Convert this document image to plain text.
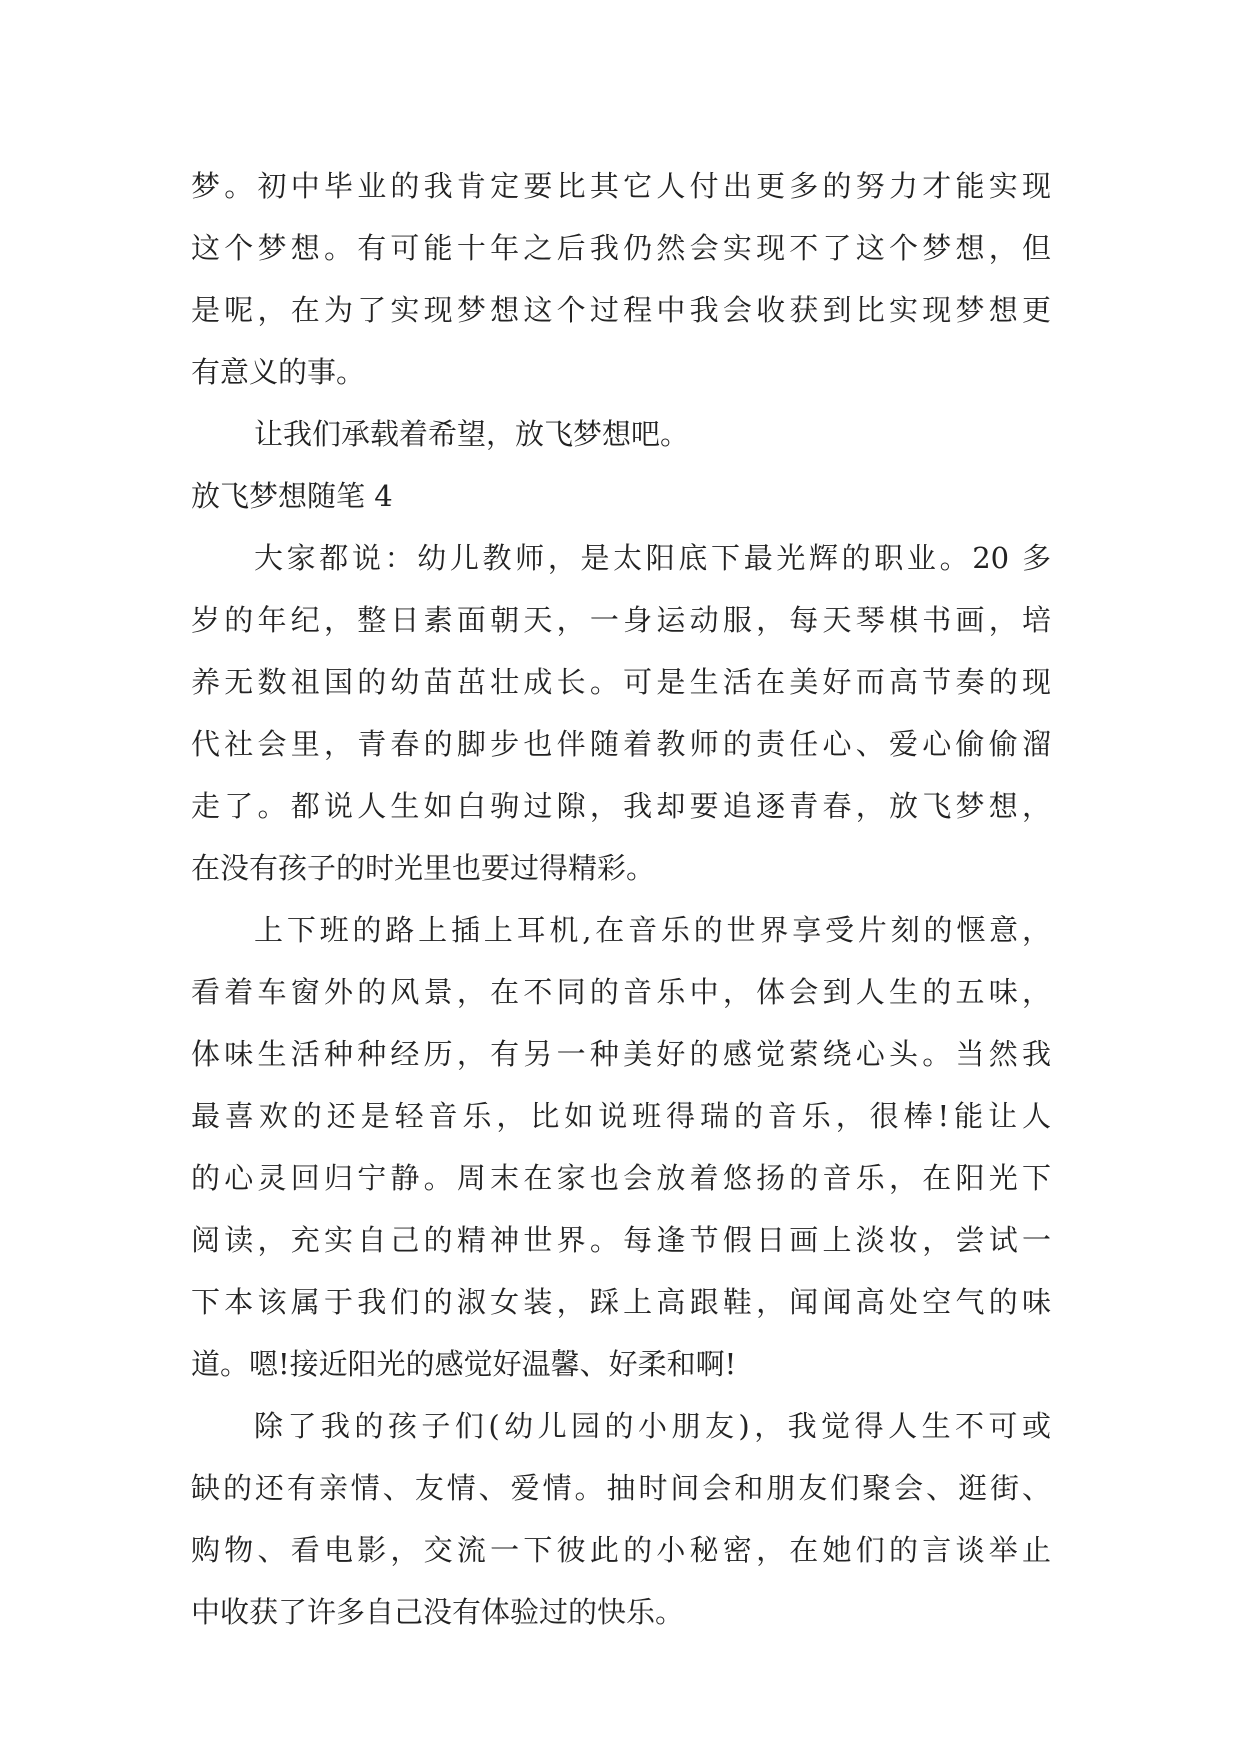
梦。初中毕业的我肯定要比其它人付出更多的努力才能实现
这个梦想。有可能十年之后我仍然会实现不了这个梦想，但
是呢，在为了实现梦想这个过程中我会收获到比实现梦想更
有意义的事。
让我们承载着希望，放飞梦想吧。
放飞梦想随笔 4
大家都说：幼儿教师，是太阳底下最光辉的职业。20 多
岁的年纪，整日素面朝天，一身运动服，每天琴棋书画，培
养无数祖国的幼苗茁壮成长。可是生活在美好而高节奏的现
代社会里，青春的脚步也伴随着教师的责任心、爱心偷偷溜
走了。都说人生如白驹过隙，我却要追逐青春，放飞梦想，
在没有孩子的时光里也要过得精彩。
上下班的路上插上耳机,在音乐的世界享受片刻的惬意，
看着车窗外的风景，在不同的音乐中，体会到人生的五味，
体味生活种种经历，有另一种美好的感觉萦绕心头。当然我
最喜欢的还是轻音乐，比如说班得瑞的音乐，很棒!能让人
的心灵回归宁静。周末在家也会放着悠扬的音乐，在阳光下
阅读，充实自己的精神世界。每逢节假日画上淡妆，尝试一
下本该属于我们的淑女装，踩上高跟鞋，闻闻高处空气的味
道。嗯!接近阳光的感觉好温馨、好柔和啊!
除了我的孩子们(幼儿园的小朋友)，我觉得人生不可或
缺的还有亲情、友情、爱情。抽时间会和朋友们聚会、逛街、
购物、看电影，交流一下彼此的小秘密，在她们的言谈举止
中收获了许多自己没有体验过的快乐。
